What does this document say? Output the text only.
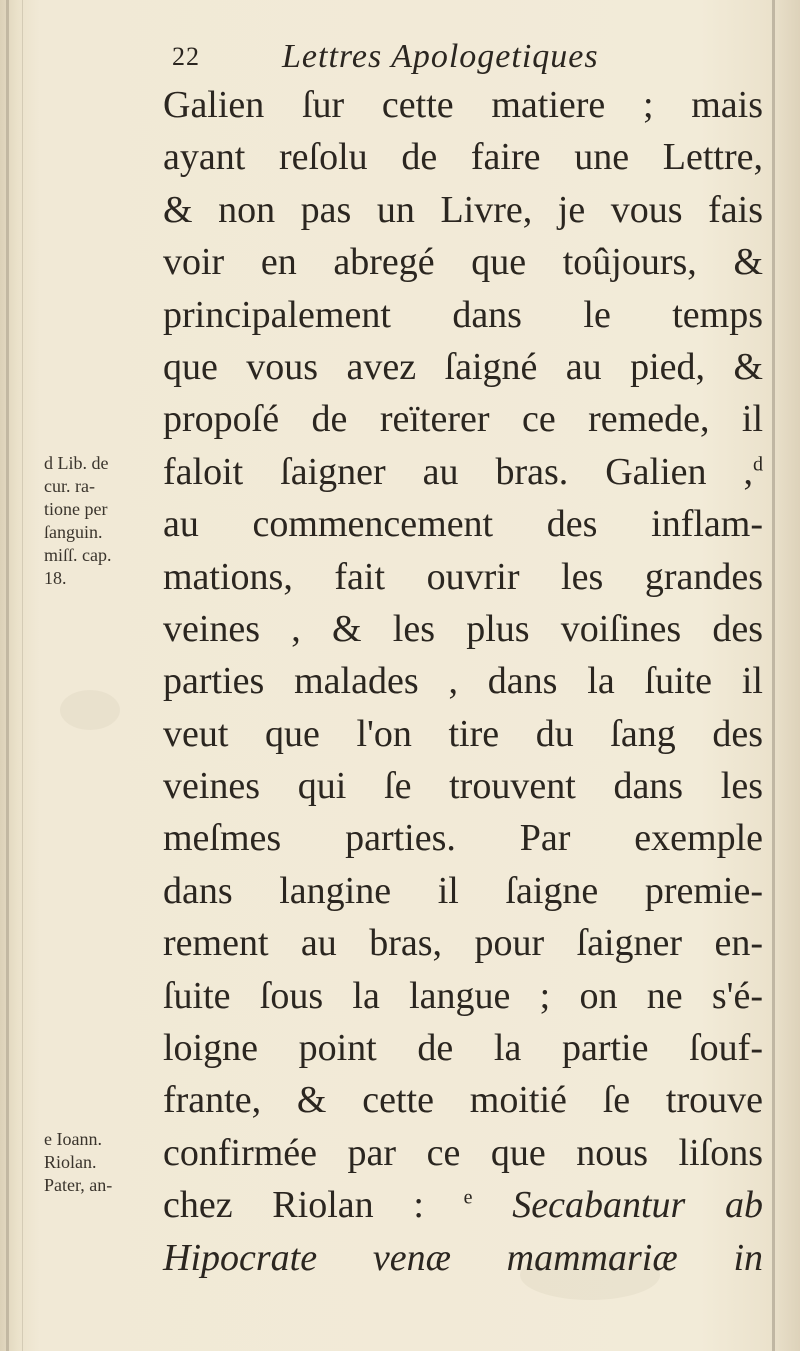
22 Lettres Apologetiques
Galien ſur cette matiere ; mais
ayant reſolu de faire une Lettre,
& non pas un Livre, je vous fais
voir en abregé que toûjours, &
principalement dans le temps
que vous avez ſaigné au pied, &
propoſé de reïterer ce remede, il
faloit ſaigner au bras. Galien ,$^d$
au commencement des inflam-
mations, fait ouvrir les grandes
veines , & les plus voiſines des
parties malades , dans la ſuite il
veut que l'on tire du ſang des
veines qui ſe trouvent dans les
meſmes parties. Par exemple
dans langine il ſaigne premie-
rement au bras, pour ſaigner en-
ſuite ſous la langue ; on ne s'é-
loigne point de la partie ſouf-
frante, & cette moitié ſe trouve
confirmée par ce que nous liſons
chez Riolan : $^e$ Secabantur ab
Hipocrate venæ mammariæ in
d Lib. de
cur. ra-
tione per
ſanguin.
miſſ. cap.
18.
e Ioann.
Riolan.
Pater, an-
